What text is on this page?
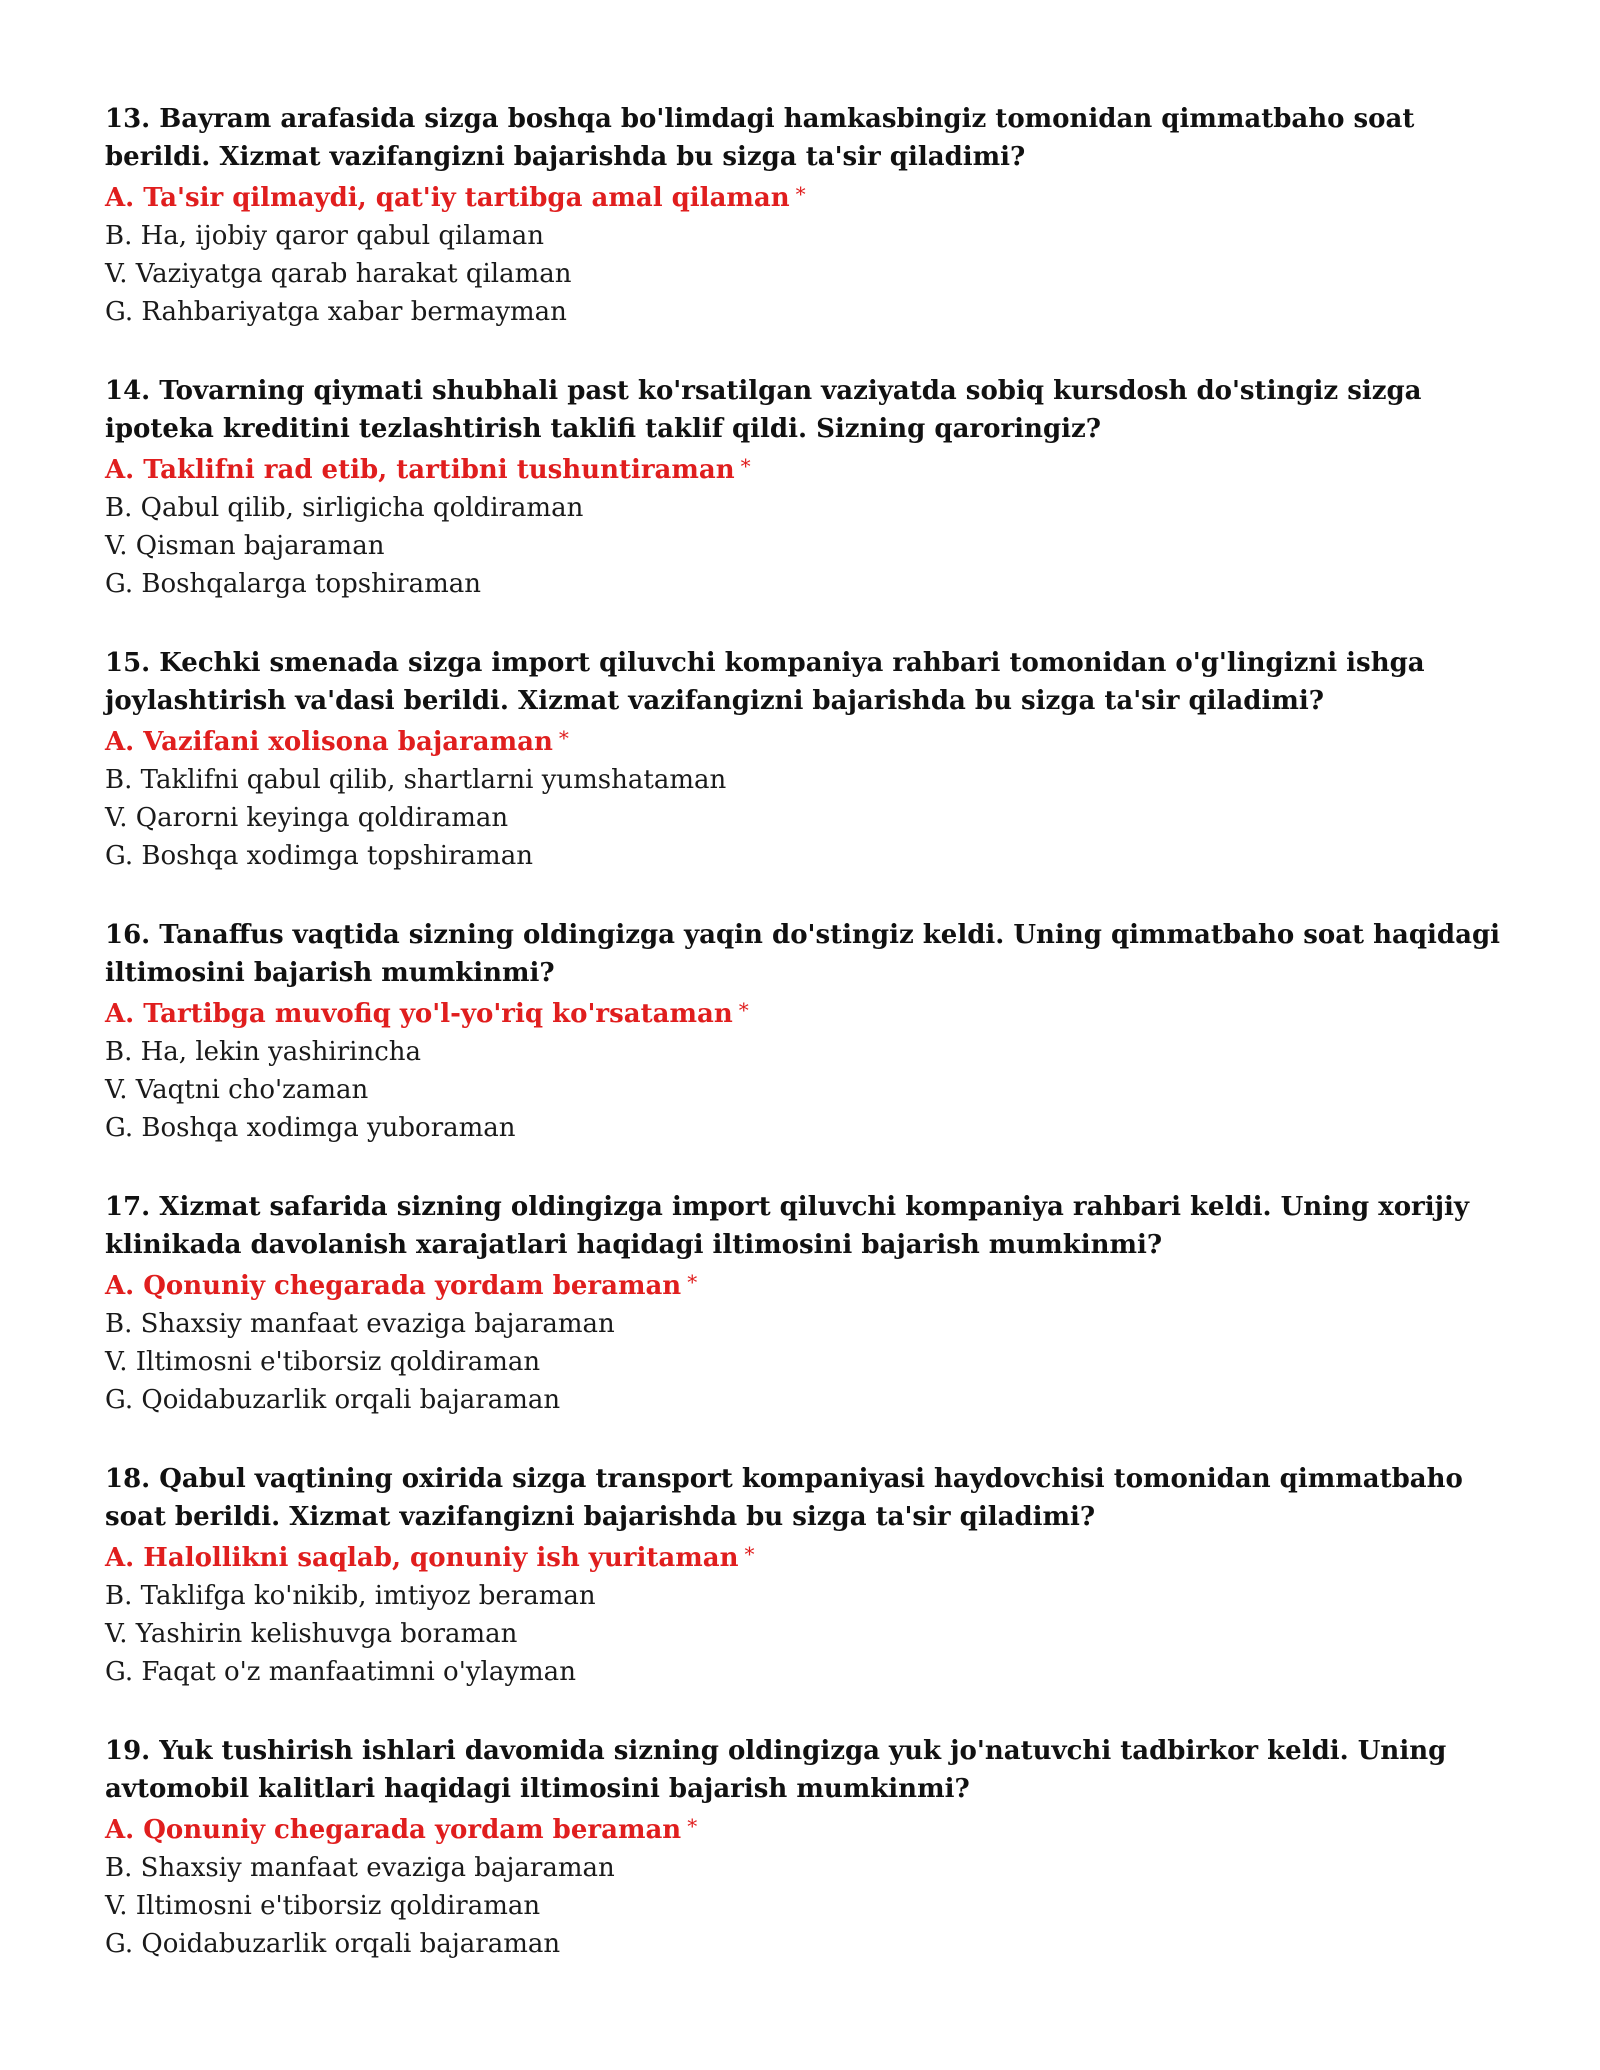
13. Bayram arafasida sizga boshqa bo'limdagi hamkasbingiz tomonidan qimmatbaho soat berildi. Xizmat vazifangizni bajarishda bu sizga ta'sir qiladimi?

A. Ta'sir qilmaydi, qat'iy tartibga amal qilaman *

B. Ha, ijobiy qaror qabul qilaman

V. Vaziyatga qarab harakat qilaman

G. Rahbariyatga xabar bermayman

14. Tovarning qiymati shubhali past ko'rsatilgan vaziyatda sobiq kursdosh do'stingiz sizga ipoteka kreditini tezlashtirish taklifi taklif qildi. Sizning qaroringiz?

A. Taklifni rad etib, tartibni tushuntiraman *

B. Qabul qilib, sirligicha qoldiraman

V. Qisman bajaraman

G. Boshqalarga topshiraman

15. Kechki smenada sizga import qiluvchi kompaniya rahbari tomonidan o'g'lingizni ishga joylashtirish va'dasi berildi. Xizmat vazifangizni bajarishda bu sizga ta'sir qiladimi?

A. Vazifani xolisona bajaraman *

B. Taklifni qabul qilib, shartlarni yumshataman

V. Qarorni keyinga qoldiraman

G. Boshqa xodimga topshiraman

16. Tanaffus vaqtida sizning oldingizga yaqin do'stingiz keldi. Uning qimmatbaho soat haqidagi iltimosini bajarish mumkinmi?

A. Tartibga muvofiq yo'l-yo'riq ko'rsataman *

B. Ha, lekin yashirincha

V. Vaqtni cho'zaman

G. Boshqa xodimga yuboraman

17. Xizmat safarida sizning oldingizga import qiluvchi kompaniya rahbari keldi. Uning xorijiy klinikada davolanish xarajatlari haqidagi iltimosini bajarish mumkinmi?

A. Qonuniy chegarada yordam beraman *

B. Shaxsiy manfaat evaziga bajaraman

V. Iltimosni e'tiborsiz qoldiraman

G. Qoidabuzarlik orqali bajaraman

18. Qabul vaqtining oxirida sizga transport kompaniyasi haydovchisi tomonidan qimmatbaho soat berildi. Xizmat vazifangizni bajarishda bu sizga ta'sir qiladimi?

A. Halollikni saqlab, qonuniy ish yuritaman *

B. Taklifga ko'nikib, imtiyoz beraman

V. Yashirin kelishuvga boraman

G. Faqat o'z manfaatimni o'ylayman

19. Yuk tushirish ishlari davomida sizning oldingizga yuk jo'natuvchi tadbirkor keldi. Uning avtomobil kalitlari haqidagi iltimosini bajarish mumkinmi?

A. Qonuniy chegarada yordam beraman *

B. Shaxsiy manfaat evaziga bajaraman

V. Iltimosni e'tiborsiz qoldiraman

G. Qoidabuzarlik orqali bajaraman
